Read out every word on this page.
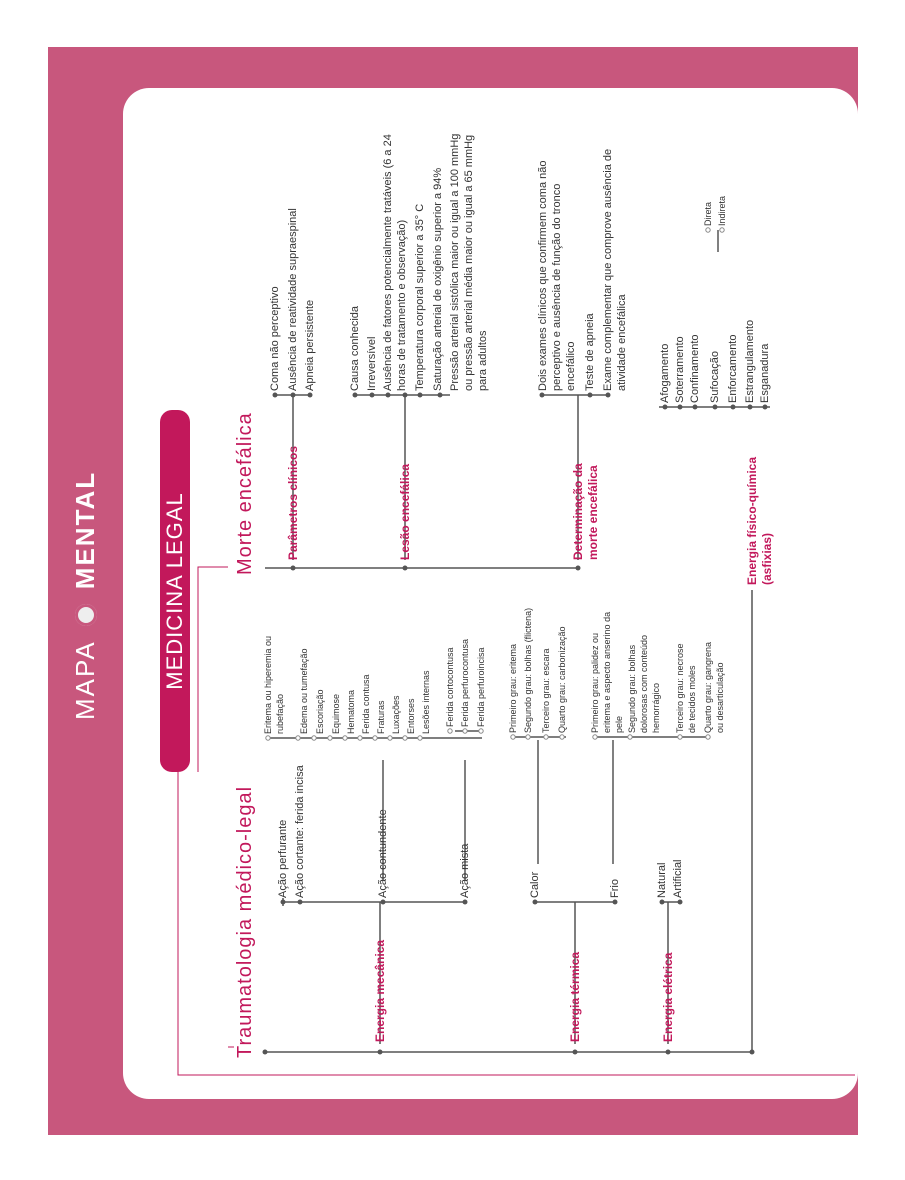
MAPA  MENTAL	MEDICINA LEGAL
Traumatologia médico-legal
Morte encefálica
Energia mecânica
Ação perfurante Ação cortante: ferida incisa	Ação contundente	Ação mista
Eritema ou hiperemia ou rubefação Edema ou tumefação Escoriação Equimose Hematoma Ferida contusa Fraturas Luxações Entorses Lesões internas Ferida cortocontusa Ferida perfurocontusa Ferida perfuroincisa
Energia térmica
Calor	Frio
Primeiro grau: eritema Segundo grau: bolhas (flictena) Terceiro grau: escara Quarto grau: carbonização	Primeiro grau: palidez ou eritema e aspecto anserino da pele Segundo grau: bolhas dolorosas com conteúdo hemorrágico Terceiro grau: necrose de tecidos moles Quarto grau: gangrena ou desarticulação
Energia elétrica
Natural Artificial
Energia físico-química (asfixias)
Afogamento Soterramento Confinamento Sufocação Enforcamento Estrangulamento Esganadura
Direta Indireta
Parâmetros clínicos
Coma não perceptivo Ausência de reatividade supraespinal Apneia persistente
Lesão encefálica
Causa conhecida Irreversível Ausência de fatores potencialmente tratáveis (6 a 24 horas de tratamento e observação) Temperatura corporal superior a 35° C Saturação arterial de oxigênio superior a 94% Pressão arterial sistólica maior ou igual a 100 mmHg ou pressão arterial média maior ou igual a 65 mmHg para adultos
Determinação da morte encefálica
Dois exames clínicos que confirmem coma não perceptivo e ausência de função do tronco encefálico Teste de apneia Exame complementar que comprove ausência de atividade encefálica
